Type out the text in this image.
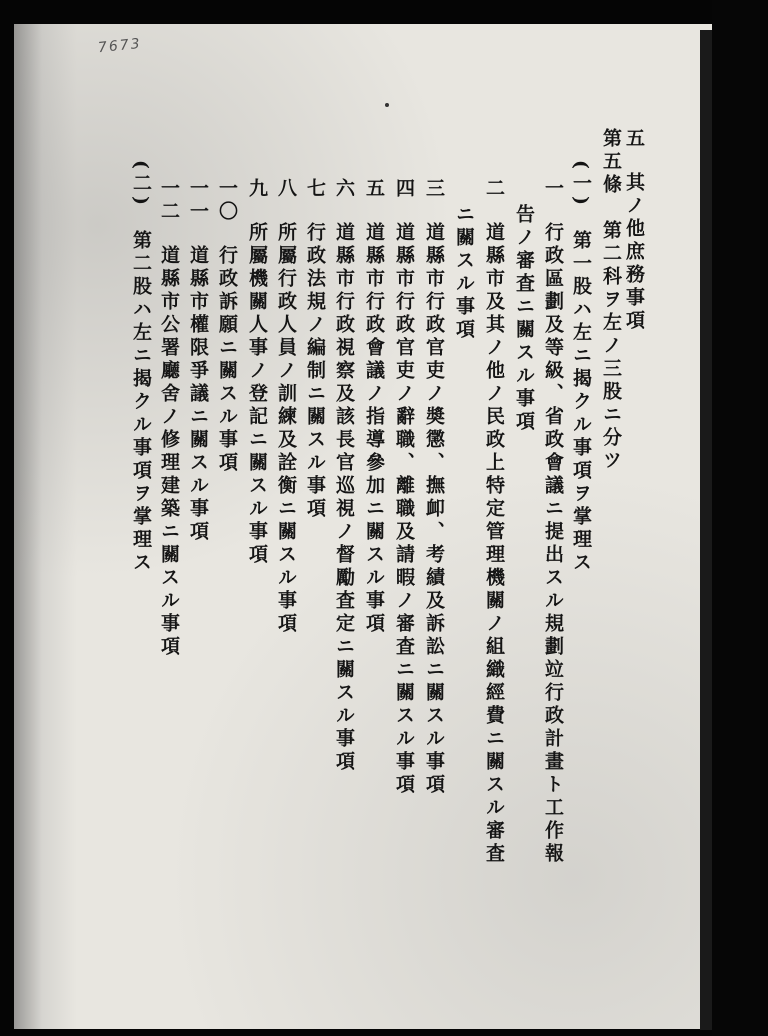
7673
五 其ノ他庶務事項
第五條　第二科ヲ左ノ三股ニ分ツ
(一) 第一股ハ左ニ揭クル事項ヲ掌理ス
一 行政區劃及等級、省政會議ニ提出スル規劃竝行政計畫ト工作報
告ノ審査ニ關スル事項
二 道縣市及其ノ他ノ民政上特定管理機關ノ組織經費ニ關スル審査
ニ關スル事項
三 道縣市行政官吏ノ奬懲、撫卹、考績及訴訟ニ關スル事項
四 道縣市行政官吏ノ辭職、離職及請暇ノ審査ニ關スル事項
五 道縣市行政會議ノ指導參加ニ關スル事項
六 道縣市行政視察及該長官巡視ノ督勵査定ニ關スル事項
七 行政法規ノ編制ニ關スル事項
八 所屬行政人員ノ訓練及詮衡ニ關スル事項
九 所屬機關人事ノ登記ニ關スル事項
一〇 行政訴願ニ關スル事項
一一 道縣市權限爭議ニ關スル事項
一二 道縣市公署廳舍ノ修理建築ニ關スル事項
(二) 第二股ハ左ニ揭クル事項ヲ掌理ス
